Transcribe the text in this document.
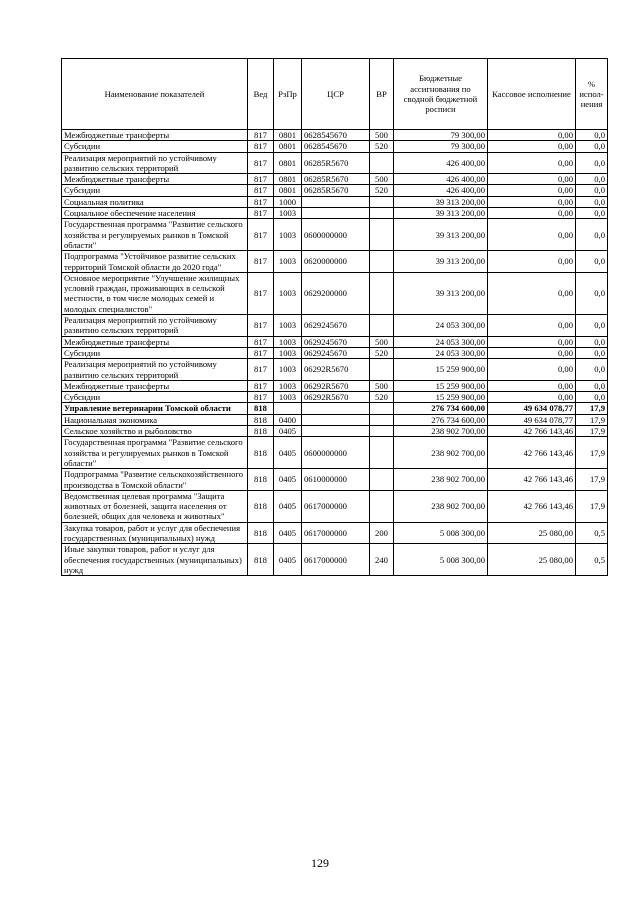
Наименование показателей	Вед	РзПр	ЦСР	ВР	Бюджетные ассигнования по сводной бюджетной росписи	Кассовое исполнение	% испол-нения
Межбюджетные трансферты	817	0801	0628545670	500	79 300,00	0,00	0,0
Субсидии	817	0801	0628545670	520	79 300,00	0,00	0,0
Реализация мероприятий по устойчивому развитию сельских территорий	817	0801	06285R5670		426 400,00	0,00	0,0
Межбюджетные трансферты	817	0801	06285R5670	500	426 400,00	0,00	0,0
Субсидии	817	0801	06285R5670	520	426 400,00	0,00	0,0
Социальная политика	817	1000			39 313 200,00	0,00	0,0
Социальное обеспечение населения	817	1003			39 313 200,00	0,00	0,0
Государственная программа "Развитие сельского хозяйства и регулируемых рынков в Томской области"	817	1003	0600000000		39 313 200,00	0,00	0,0
Подпрограмма "Устойчивое развитие сельских территорий Томской области до 2020 года"	817	1003	0620000000		39 313 200,00	0,00	0,0
Основное мероприятие "Улучшение жилищных условий граждан, проживающих в сельской местности, в том числе молодых семей и молодых специалистов"	817	1003	0629200000		39 313 200,00	0,00	0,0
Реализация мероприятий по устойчивому развитию сельских территорий	817	1003	0629245670		24 053 300,00	0,00	0,0
Межбюджетные трансферты	817	1003	0629245670	500	24 053 300,00	0,00	0,0
Субсидии	817	1003	0629245670	520	24 053 300,00	0,00	0,0
Реализация мероприятий по устойчивому развитию сельских территорий	817	1003	06292R5670		15 259 900,00	0,00	0,0
Межбюджетные трансферты	817	1003	06292R5670	500	15 259 900,00	0,00	0,0
Субсидии	817	1003	06292R5670	520	15 259 900,00	0,00	0,0
Управление ветеринарии Томской области	818				276 734 600,00	49 634 078,77	17,9
Национальная экономика	818	0400			276 734 600,00	49 634 078,77	17,9
Сельское хозяйство и рыболовство	818	0405			238 902 700,00	42 766 143,46	17,9
Государственная программа "Развитие сельского хозяйства и регулируемых рынков в Томской области"	818	0405	0600000000		238 902 700,00	42 766 143,46	17,9
Подпрограмма "Развитие сельскохозяйственного производства в Томской области"	818	0405	0610000000		238 902 700,00	42 766 143,46	17,9
Ведомственная целевая программа "Защита животных от болезней, защита населения от болезней, общих для человека и животных"	818	0405	0617000000		238 902 700,00	42 766 143,46	17,9
Закупка товаров, работ и услуг для обеспечения государственных (муниципальных) нужд	818	0405	0617000000	200	5 008 300,00	25 080,00	0,5
Иные закупки товаров, работ и услуг для обеспечения государственных (муниципальных) нужд	818	0405	0617000000	240	5 008 300,00	25 080,00	0,5
129
